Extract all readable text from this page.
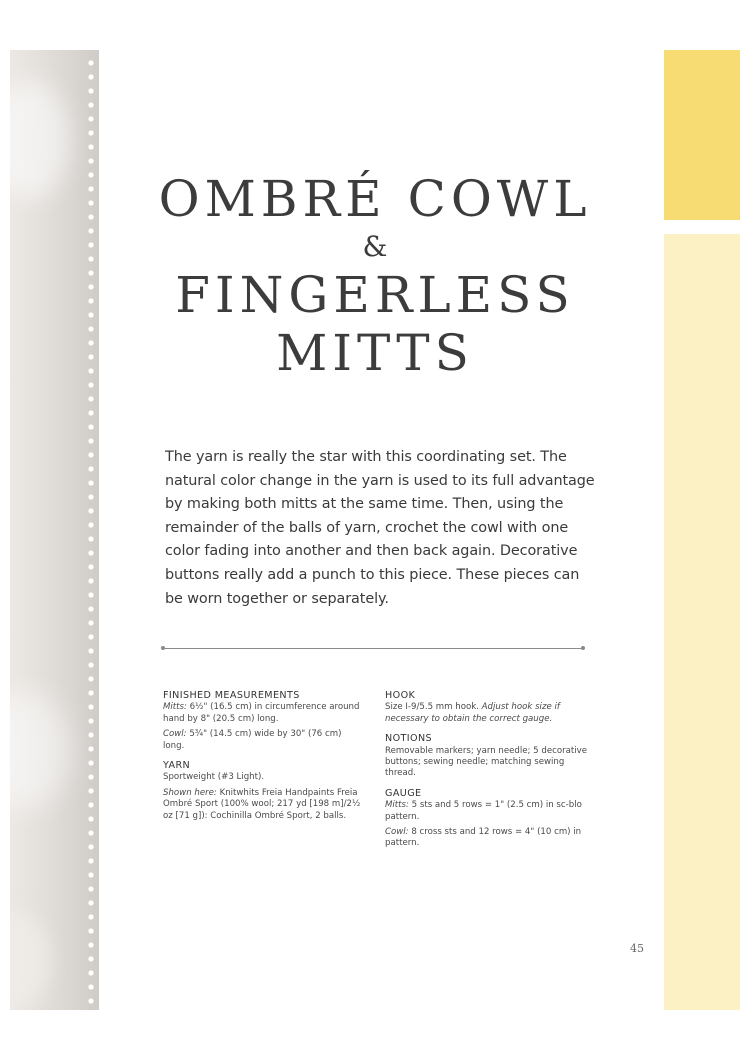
OMBRÉ COWL
&
FINGERLESS
MITTS

The yarn is really the star with this coordinating set. The natural color change in the yarn is used to its full advantage by making both mitts at the same time. Then, using the remainder of the balls of yarn, crochet the cowl with one color fading into another and then back again. Decorative buttons really add a punch to this piece. These pieces can be worn together or separately.

FINISHED MEASUREMENTS

Mitts: 6½" (16.5 cm) in circumference around hand by 8" (20.5 cm) long.

Cowl: 5¾" (14.5 cm) wide by 30" (76 cm) long.

YARN

Sportweight (#3 Light).

Shown here: Knitwhits Freia Handpaints Freia Ombré Sport (100% wool; 217 yd [198 m]/2½ oz [71 g]): Cochinilla Ombré Sport, 2 balls.

HOOK

Size I-9/5.5 mm hook. Adjust hook size if necessary to obtain the correct gauge.

NOTIONS

Removable markers; yarn needle; 5 decorative buttons; sewing needle; matching sewing thread.

GAUGE

Mitts: 5 sts and 5 rows = 1" (2.5 cm) in sc-blo pattern.

Cowl: 8 cross sts and 12 rows = 4" (10 cm) in pattern.

45
